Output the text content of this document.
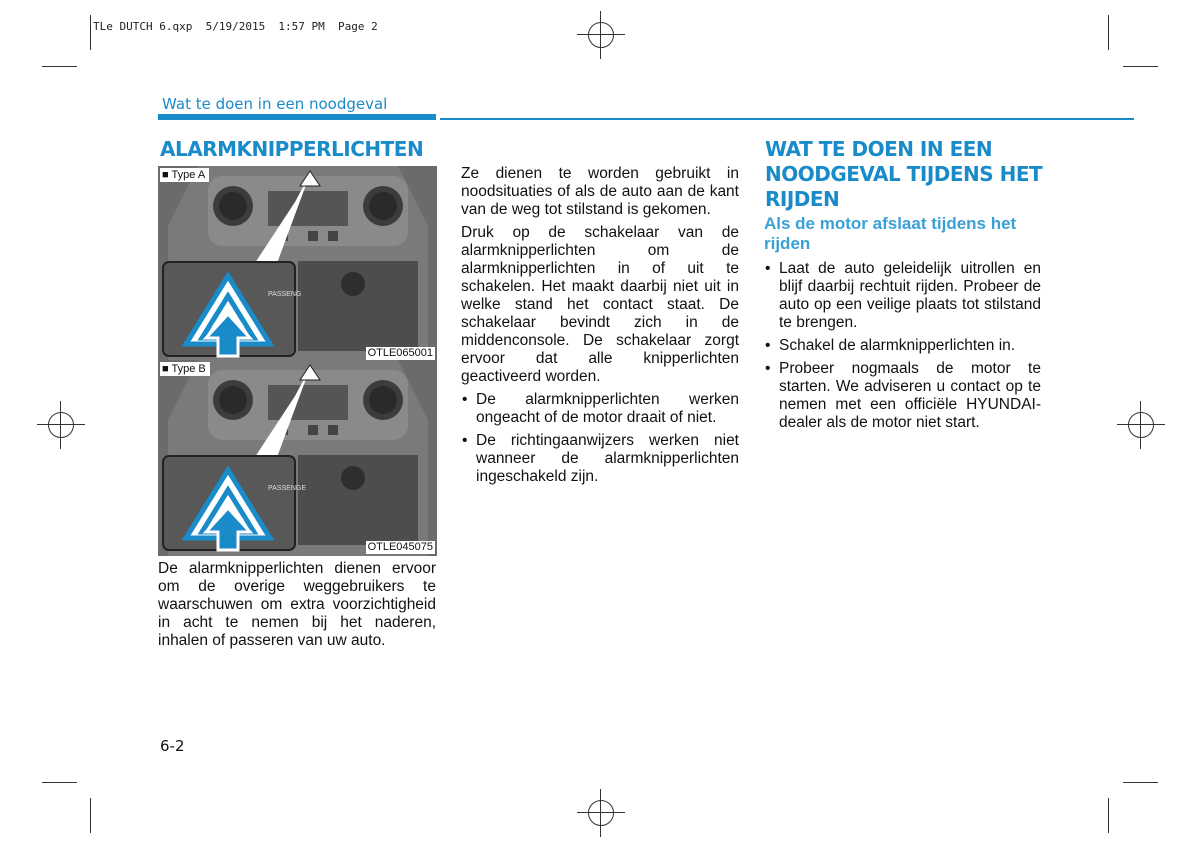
TLe DUTCH 6.qxp  5/19/2015  1:57 PM  Page 2
Wat te doen in een noodgeval
ALARMKNIPPERLICHTEN
PASSENG
■ Type A
OTLE065001
PASSENGE
■ Type B
OTLE045075
De alarmknipperlichten dienen ervoor om de overige weggebruikers te waarschuwen om extra voorzichtigheid in acht te nemen bij het naderen, inhalen of passeren van uw auto.

Ze dienen te worden gebruikt in noodsituaties of als de auto aan de kant van de weg tot stilstand is gekomen.

Druk op de schakelaar van de alarmknipperlichten om de alarmknipperlichten in of uit te schakelen. Het maakt daarbij niet uit in welke stand het contact staat. De schakelaar bevindt zich in de middenconsole. De schakelaar zorgt ervoor dat alle knipperlichten geactiveerd worden.

• De alarmknipperlichten werken ongeacht of de motor draait of niet.
• De richtingaanwijzers werken niet wanneer de alarmknipperlichten ingeschakeld zijn.
WAT TE DOEN IN EEN NOODGEVAL TIJDENS HET RIJDEN
Als de motor afslaat tijdens het rijden
• Laat de auto geleidelijk uitrollen en blijf daarbij rechtuit rijden. Probeer de auto op een veilige plaats tot stilstand te brengen.
• Schakel de alarmknipperlichten in.
• Probeer nogmaals de motor te starten. We adviseren u contact op te nemen met een officiële HYUNDAI-dealer als de motor niet start.
6-2
